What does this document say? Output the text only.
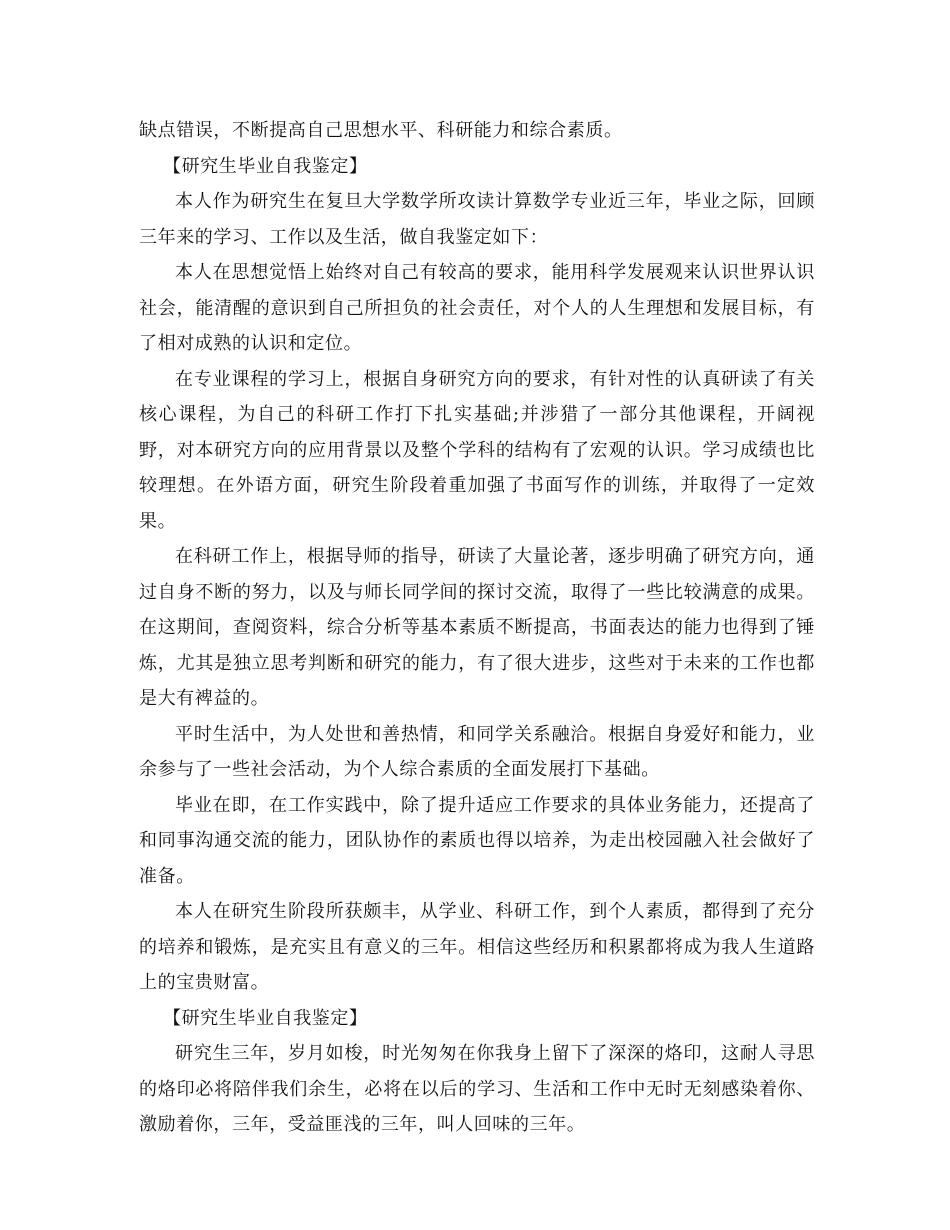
缺点错误，不断提高自己思想水平、科研能力和综合素质。

【研究生毕业自我鉴定】

本人作为研究生在复旦大学数学所攻读计算数学专业近三年，毕业之际，回顾三年来的学习、工作以及生活，做自我鉴定如下：

本人在思想觉悟上始终对自己有较高的要求，能用科学发展观来认识世界认识社会，能清醒的意识到自己所担负的社会责任，对个人的人生理想和发展目标，有了相对成熟的认识和定位。

在专业课程的学习上，根据自身研究方向的要求，有针对性的认真研读了有关核心课程，为自己的科研工作打下扎实基础;并涉猎了一部分其他课程，开阔视野，对本研究方向的应用背景以及整个学科的结构有了宏观的认识。学习成绩也比较理想。在外语方面，研究生阶段着重加强了书面写作的训练，并取得了一定效果。

在科研工作上，根据导师的指导，研读了大量论著，逐步明确了研究方向，通过自身不断的努力，以及与师长同学间的探讨交流，取得了一些比较满意的成果。在这期间，查阅资料，综合分析等基本素质不断提高，书面表达的能力也得到了锤炼，尤其是独立思考判断和研究的能力，有了很大进步，这些对于未来的工作也都是大有裨益的。

平时生活中，为人处世和善热情，和同学关系融洽。根据自身爱好和能力，业余参与了一些社会活动，为个人综合素质的全面发展打下基础。

毕业在即，在工作实践中，除了提升适应工作要求的具体业务能力，还提高了和同事沟通交流的能力，团队协作的素质也得以培养，为走出校园融入社会做好了准备。

本人在研究生阶段所获颇丰，从学业、科研工作，到个人素质，都得到了充分的培养和锻炼，是充实且有意义的三年。相信这些经历和积累都将成为我人生道路上的宝贵财富。

【研究生毕业自我鉴定】

研究生三年，岁月如梭，时光匆匆在你我身上留下了深深的烙印，这耐人寻思的烙印必将陪伴我们余生，必将在以后的学习、生活和工作中无时无刻感染着你、激励着你，三年，受益匪浅的三年，叫人回味的三年。
